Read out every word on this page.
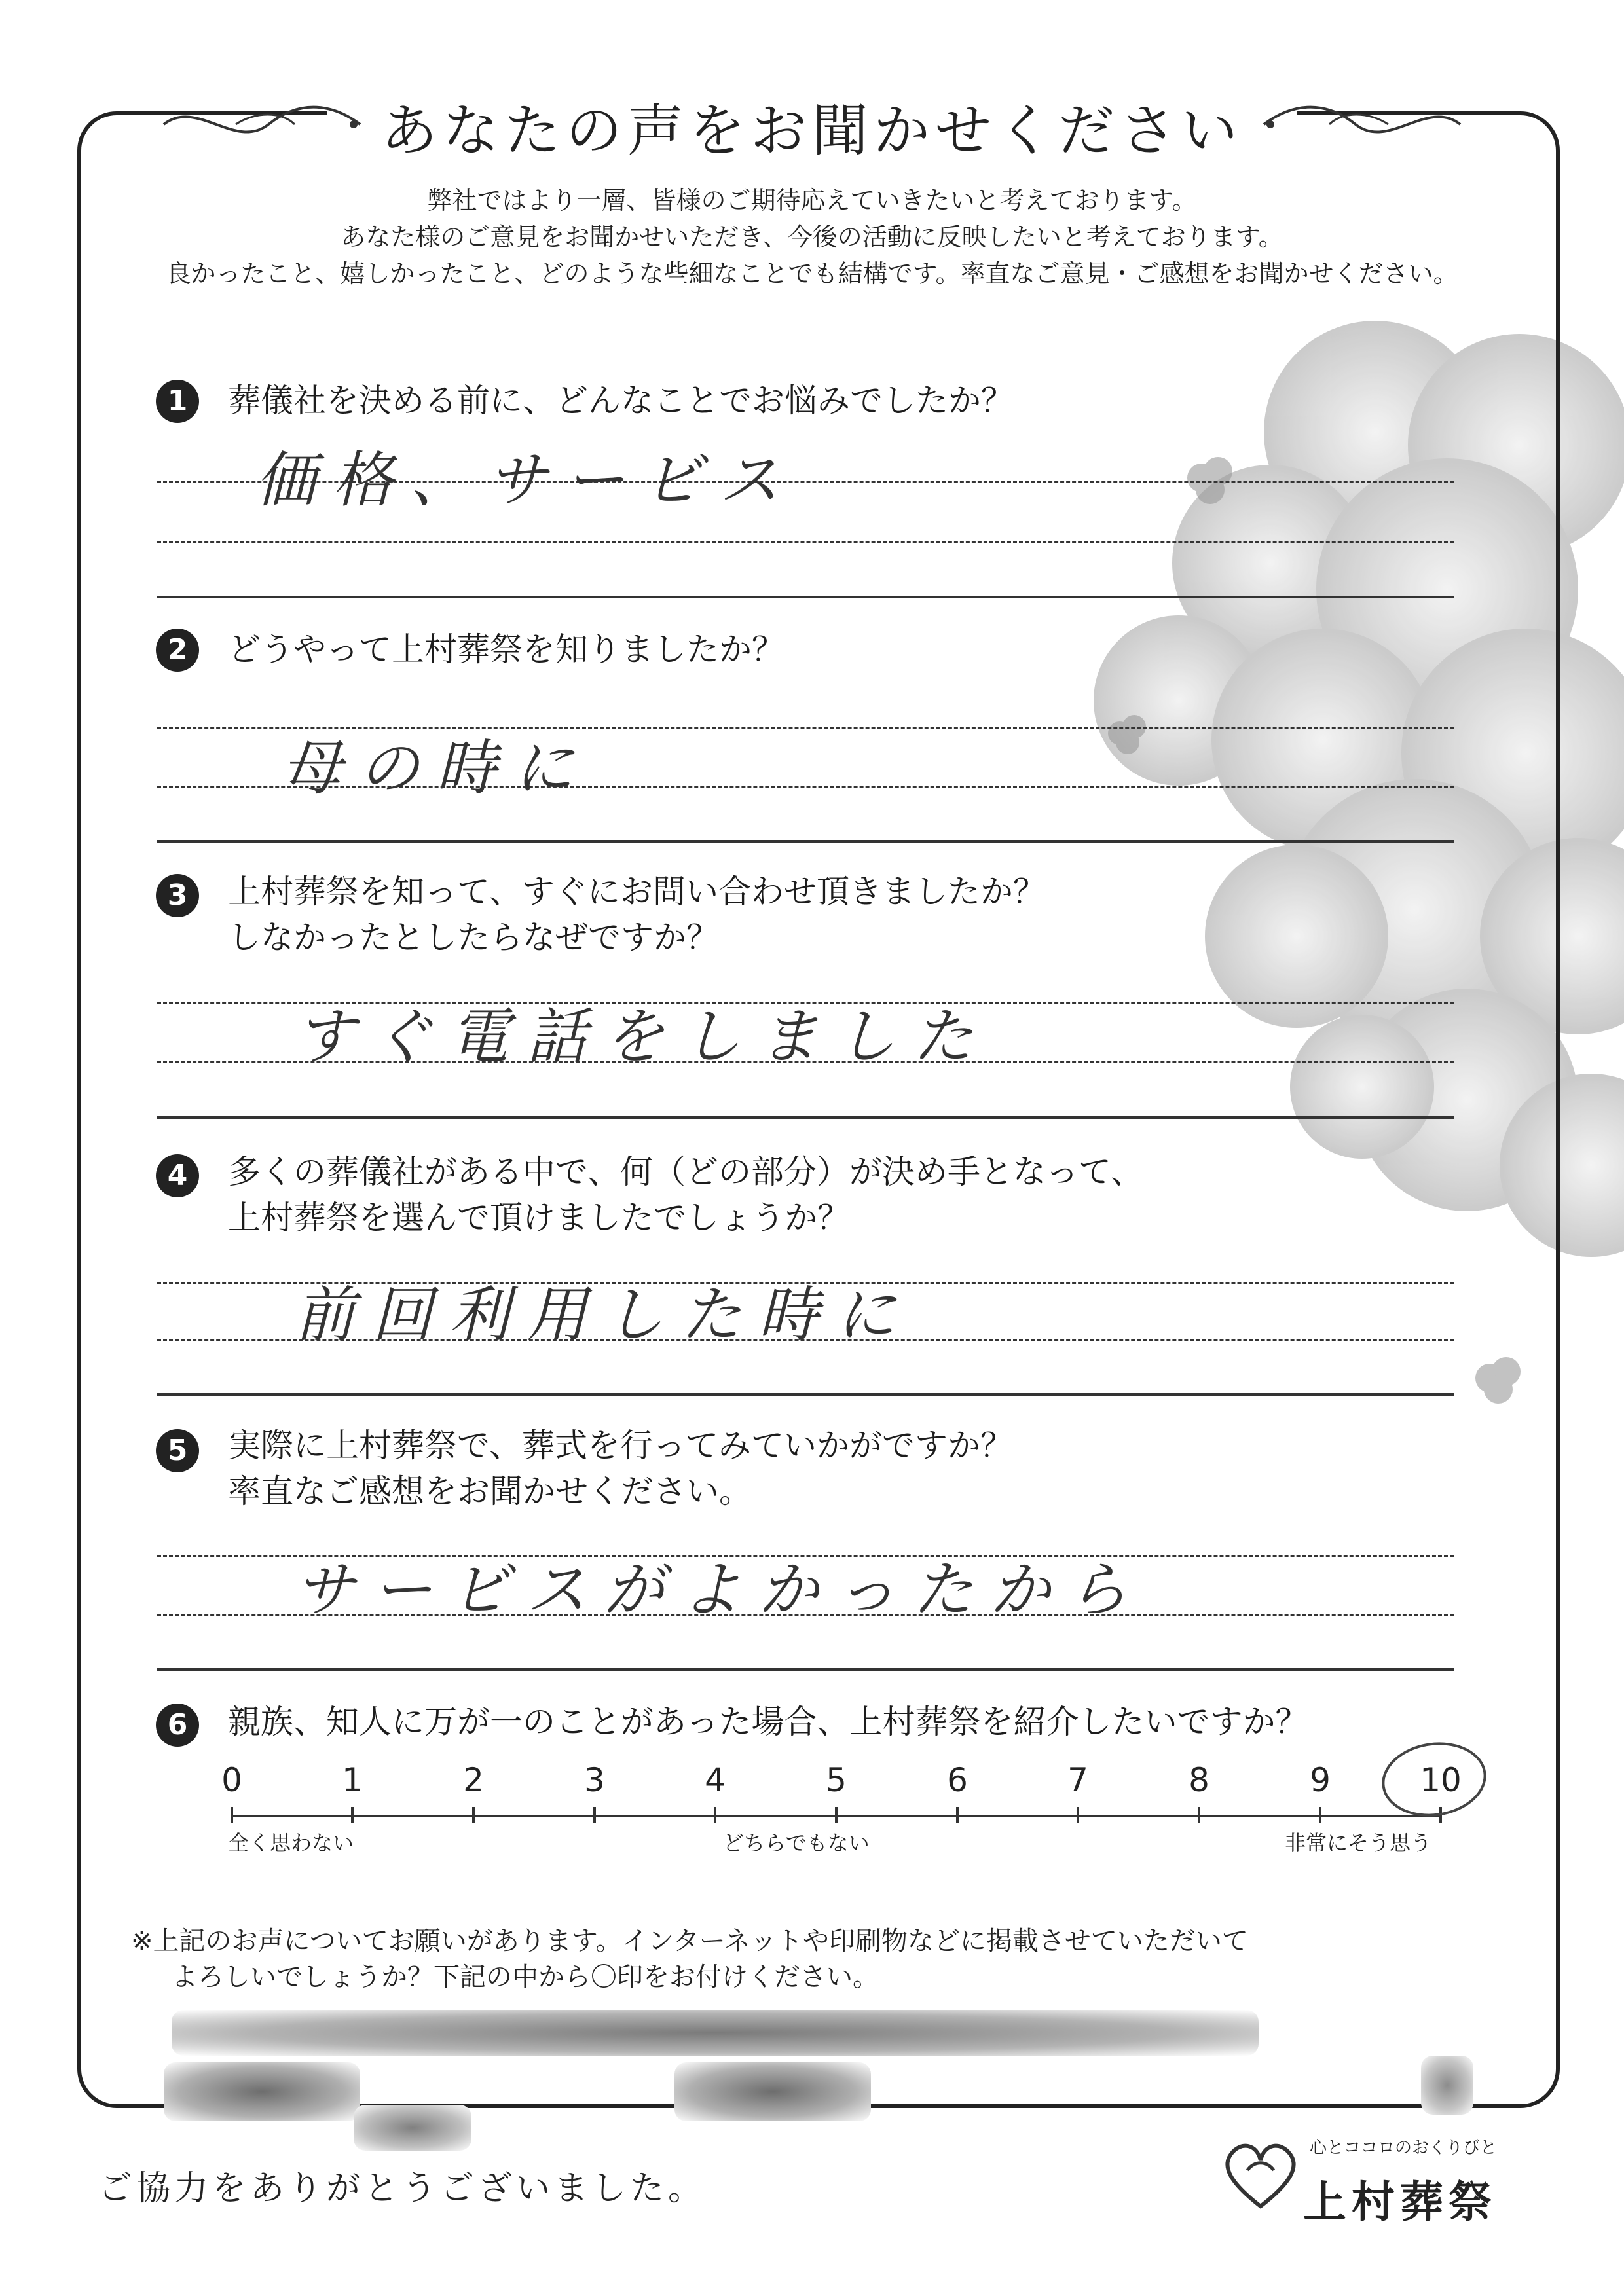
あなたの声をお聞かせください
弊社ではより一層、皆様のご期待応えていきたいと考えております。
あなた様のご意見をお聞かせいただき、今後の活動に反映したいと考えております。
良かったこと、嬉しかったこと、どのような些細なことでも結構です。率直なご意見・ご感想をお聞かせください。
1	葬儀社を決める前に、どんなことでお悩みでしたか？
価格、サービス
2	どうやって上村葬祭を知りましたか？
母の時に
3	上村葬祭を知って、すぐにお問い合わせ頂きましたか？
しなかったとしたらなぜですか？
すぐ電話をしました
4	多くの葬儀社がある中で、何（どの部分）が決め手となって、
上村葬祭を選んで頂けましたでしょうか？
前回利用した時に
5	実際に上村葬祭で、葬式を行ってみていかがですか？
率直なご感想をお聞かせください。
サービスがよかったから
6	親族、知人に万が一のことがあった場合、上村葬祭を紹介したいですか？
0	1	2	3	4	5	6	7	8	9	10
全く思わない	どちらでもない	非常にそう思う
※上記のお声についてお願いがあります。インターネットや印刷物などに掲載させていただいて
よろしいでしょうか？下記の中から〇印をお付けください。
ご協力をありがとうございました。
心とココロのおくりびと
上村葬祭
